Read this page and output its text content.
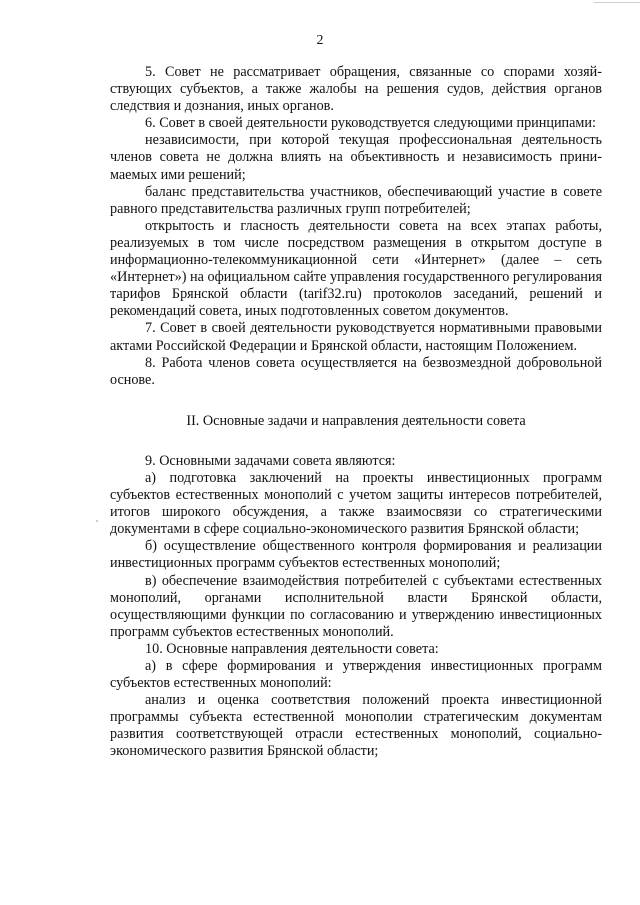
2

5. Совет не рассматривает обращения, связанные со спорами хозяйствующих субъектов, а также жалобы на решения судов, действия органов следствия и дознания, иных органов.

6. Совет в своей деятельности руководствуется следующими принципами:

независимости, при которой текущая профессиональная деятельность членов совета не должна влиять на объективность и независимость принимаемых ими решений;

баланс представительства участников, обеспечивающий участие в совете равного представительства различных групп потребителей;

открытость и гласность деятельности совета на всех этапах работы, реализуемых в том числе посредством размещения в открытом доступе в информационно-телекоммуникационной сети «Интернет» (далее – сеть «Интернет») на официальном сайте управления государственного регулирования тарифов Брянской области (tarif32.ru) протоколов заседаний, решений и рекомендаций совета, иных подготовленных советом документов.

7. Совет в своей деятельности руководствуется нормативными правовыми актами Российской Федерации и Брянской области, настоящим Положением.

8. Работа членов совета осуществляется на безвозмездной добровольной основе.

II. Основные задачи и направления деятельности совета

9. Основными задачами совета являются:

а) подготовка заключений на проекты инвестиционных программ субъектов естественных монополий с учетом защиты интересов потребителей, итогов широкого обсуждения, а также взаимосвязи со стратегическими документами в сфере социально-экономического развития Брянской области;

б) осуществление общественного контроля формирования и реализации инвестиционных программ субъектов естественных монополий;

в) обеспечение взаимодействия потребителей с субъектами естественных монополий, органами исполнительной власти Брянской области, осуществляющими функции по согласованию и утверждению инвестиционных программ субъектов естественных монополий.

10. Основные направления деятельности совета:

а) в сфере формирования и утверждения инвестиционных программ субъектов естественных монополий:

анализ и оценка соответствия положений проекта инвестиционной программы субъекта естественной монополии стратегическим документам развития соответствующей отрасли естественных монополий, социально-экономического развития Брянской области;
